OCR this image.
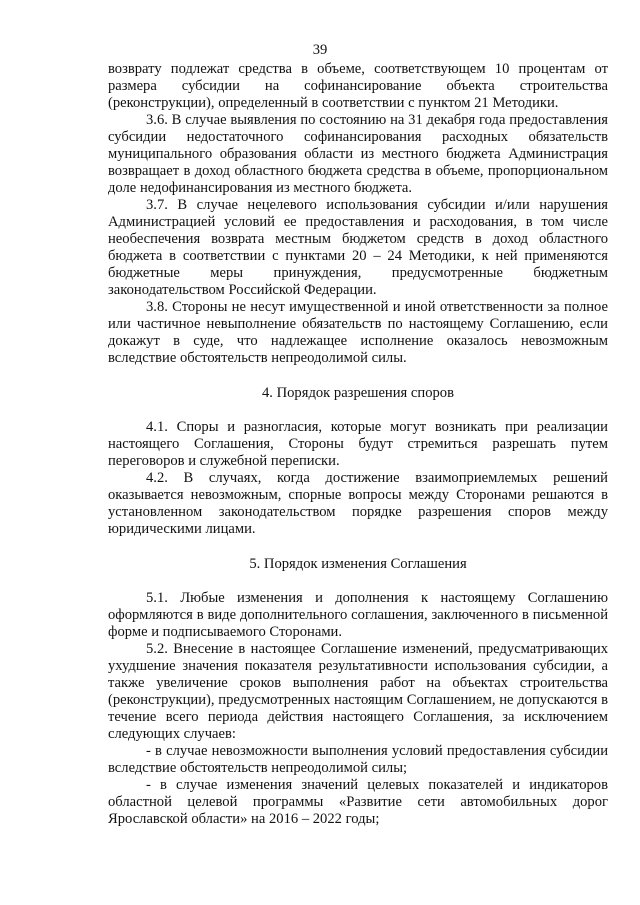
39

возврату подлежат средства в объеме, соответствующем 10 процентам от размера субсидии на софинансирование объекта строительства (реконструкции), определенный в соответствии с пунктом 21 Методики.

3.6. В случае выявления по состоянию на 31 декабря года предоставления субсидии недостаточного софинансирования расходных обязательств муниципального образования области из местного бюджета Администрация возвращает в доход областного бюджета средства в объеме, пропорциональном доле недофинансирования из местного бюджета.

3.7. В случае нецелевого использования субсидии и/или нарушения Администрацией условий ее предоставления и расходования, в том числе необеспечения возврата местным бюджетом средств в доход областного бюджета в соответствии с пунктами 20 – 24 Методики, к ней применяются бюджетные меры принуждения, предусмотренные бюджетным законодательством Российской Федерации.

3.8. Стороны не несут имущественной и иной ответственности за полное или частичное невыполнение обязательств по настоящему Соглашению, если докажут в суде, что надлежащее исполнение оказалось невозможным вследствие обстоятельств непреодолимой силы.

4. Порядок разрешения споров

4.1. Споры и разногласия, которые могут возникать при реализации настоящего Соглашения, Стороны будут стремиться разрешать путем переговоров и служебной переписки.

4.2. В случаях, когда достижение взаимоприемлемых решений оказывается невозможным, спорные вопросы между Сторонами решаются в установленном законодательством порядке разрешения споров между юридическими лицами.

5. Порядок изменения Соглашения

5.1. Любые изменения и дополнения к настоящему Соглашению оформляются в виде дополнительного соглашения, заключенного в письменной форме и подписываемого Сторонами.

5.2. Внесение в настоящее Соглашение изменений, предусматривающих ухудшение значения показателя результативности использования субсидии, а также увеличение сроков выполнения работ на объектах строительства (реконструкции), предусмотренных настоящим Соглашением, не допускаются в течение всего периода действия настоящего Соглашения, за исключением следующих случаев:

- в случае невозможности выполнения условий предоставления субсидии вследствие обстоятельств непреодолимой силы;

- в случае изменения значений целевых показателей и индикаторов областной целевой программы «Развитие сети автомобильных дорог Ярославской области» на 2016 – 2022 годы;
